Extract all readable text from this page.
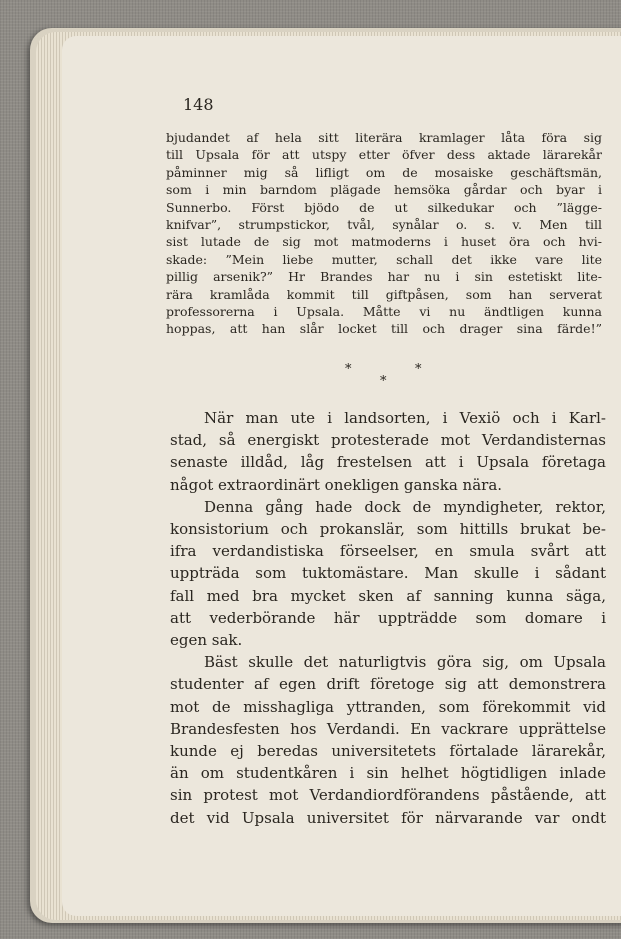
148
bjudandet af hela sitt literära kramlager låta föra sig
till Upsala för att utspy etter öfver dess aktade lärarekår
påminner mig så lifligt om de mosaiske geschäftsmän,
som i min barndom plägade hemsöka gårdar och byar i
Sunnerbo. Först bjödo de ut silkedukar och ”lägge-
knifvar”, strumpstickor, tvål, synålar o. s. v. Men till
sist lutade de sig mot matmoderns i huset öra och hvi-
skade: ”Mein liebe mutter, schall det ikke vare lite
pillig arsenik?” Hr Brandes har nu i sin estetiskt lite-
rära kramlåda kommit till giftpåsen, som han serverat
professorerna i Upsala. Måtte vi nu ändtligen kunna
hoppas, att han slår locket till och drager sina färde!”
*	*
*
När man ute i landsorten, i Vexiö och i Karl-
stad, så energiskt protesterade mot Verdandisternas
senaste illdåd, låg frestelsen att i Upsala företaga
något extraordinärt onekligen ganska nära.
Denna gång hade dock de myndigheter, rektor,
konsistorium och prokanslär, som hittills brukat be-
ifra verdandistiska förseelser, en smula svårt att
uppträda som tuktomästare. Man skulle i sådant
fall med bra mycket sken af sanning kunna säga,
att vederbörande här uppträdde som domare i
egen sak.
Bäst skulle det naturligtvis göra sig, om Upsala
studenter af egen drift företoge sig att demonstrera
mot de misshagliga yttranden, som förekommit vid
Brandesfesten hos Verdandi. En vackrare upprättelse
kunde ej beredas universitetets förtalade lärarekår,
än om studentkåren i sin helhet högtidligen inlade
sin protest mot Verdandiordförandens påstående, att
det vid Upsala universitet för närvarande var ondt
